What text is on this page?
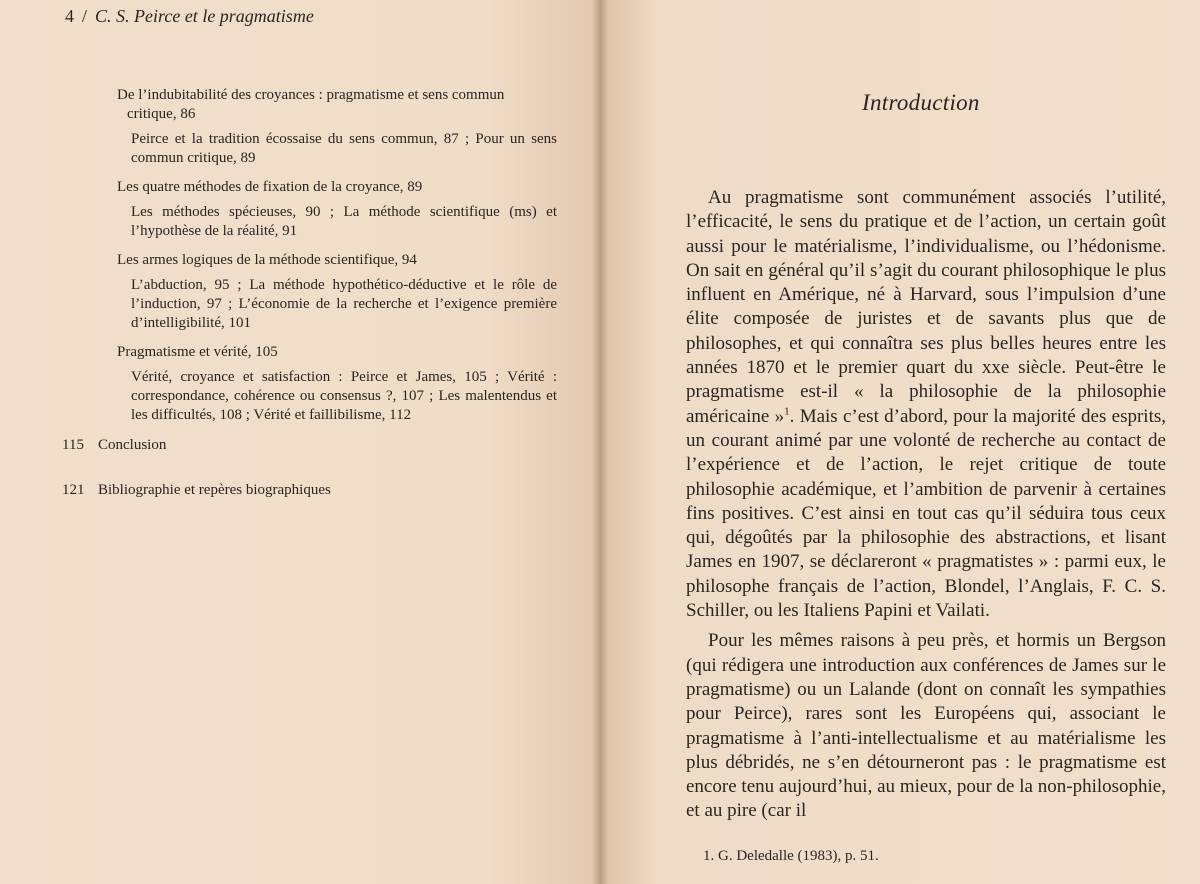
4 / C. S. Peirce et le pragmatisme
De l’indubitabilité des croyances : pragmatisme et sens commun
critique, 86
Peirce et la tradition écossaise du sens commun, 87 ; Pour un sens commun critique, 89
Les quatre méthodes de fixation de la croyance, 89
Les méthodes spécieuses, 90 ; La méthode scientifique (ms) et l’hypothèse de la réalité, 91
Les armes logiques de la méthode scientifique, 94
L’abduction, 95 ; La méthode hypothético-déductive et le rôle de l’induction, 97 ; L’économie de la recherche et l’exigence première d’intelligibilité, 101
Pragmatisme et vérité, 105
Vérité, croyance et satisfaction : Peirce et James, 105 ; Vérité : correspondance, cohérence ou consensus ?, 107 ; Les malentendus et les difficultés, 108 ; Vérité et faillibilisme, 112
115 Conclusion
121 Bibliographie et repères biographiques
Introduction

Au pragmatisme sont communément associés l’utilité, l’efficacité, le sens du pratique et de l’action, un certain goût aussi pour le matérialisme, l’individualisme, ou l’hédonisme. On sait en général qu’il s’agit du courant philosophique le plus influent en Amérique, né à Harvard, sous l’impulsion d’une élite composée de juristes et de savants plus que de philosophes, et qui connaîtra ses plus belles heures entre les années 1870 et le premier quart du xxe siècle. Peut-être le pragmatisme est-il « la philosophie de la philosophie américaine »$^1$. Mais c’est d’abord, pour la majorité des esprits, un courant animé par une volonté de recherche au contact de l’expérience et de l’action, le rejet critique de toute philosophie académique, et l’ambition de parvenir à certaines fins positives. C’est ainsi en tout cas qu’il séduira tous ceux qui, dégoûtés par la philosophie des abstractions, et lisant James en 1907, se déclareront « pragmatistes » : parmi eux, le philosophe français de l’action, Blondel, l’Anglais, F. C. S. Schiller, ou les Italiens Papini et Vailati.

Pour les mêmes raisons à peu près, et hormis un Bergson (qui rédigera une introduction aux conférences de James sur le pragmatisme) ou un Lalande (dont on connaît les sympathies pour Peirce), rares sont les Européens qui, associant le pragmatisme à l’anti-intellectualisme et au matérialisme les plus débridés, ne s’en détourneront pas : le pragmatisme est encore tenu aujourd’hui, au mieux, pour de la non-philosophie, et au pire (car il

1. G. Deledalle (1983), p. 51.
